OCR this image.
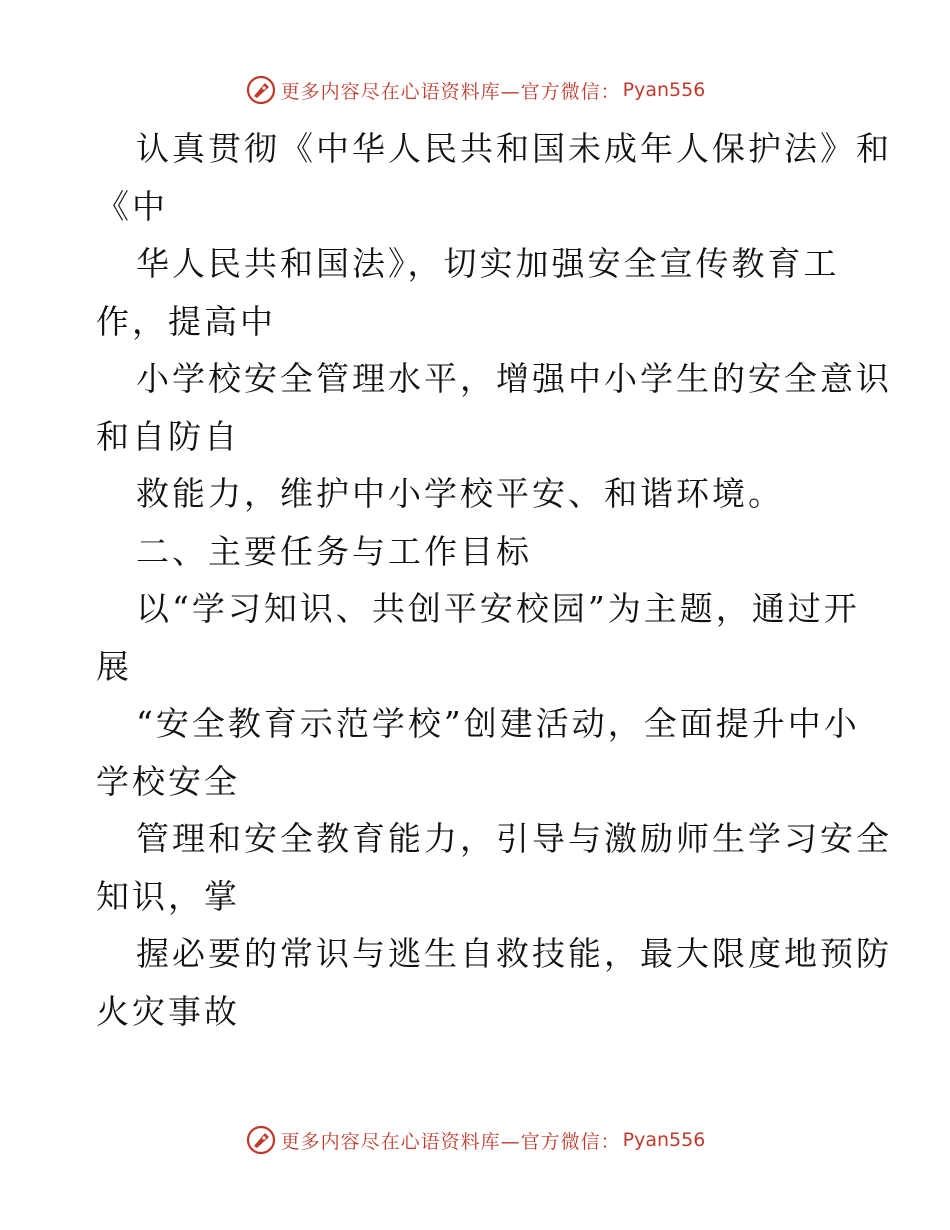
更多内容尽在心语资料库—官方微信： Pyan556

认真贯彻《中华人民共和国未成年人保护法》和

《中

华人民共和国法》，切实加强安全宣传教育工

作，提高中

小学校安全管理水平，增强中小学生的安全意识

和自防自

救能力，维护中小学校平安、和谐环境。

二、主要任务与工作目标

以“学习知识、共创平安校园”为主题，通过开

展

“安全教育示范学校”创建活动，全面提升中小

学校安全

管理和安全教育能力，引导与激励师生学习安全

知识，掌

握必要的常识与逃生自救技能，最大限度地预防

火灾事故

更多内容尽在心语资料库—官方微信： Pyan556
